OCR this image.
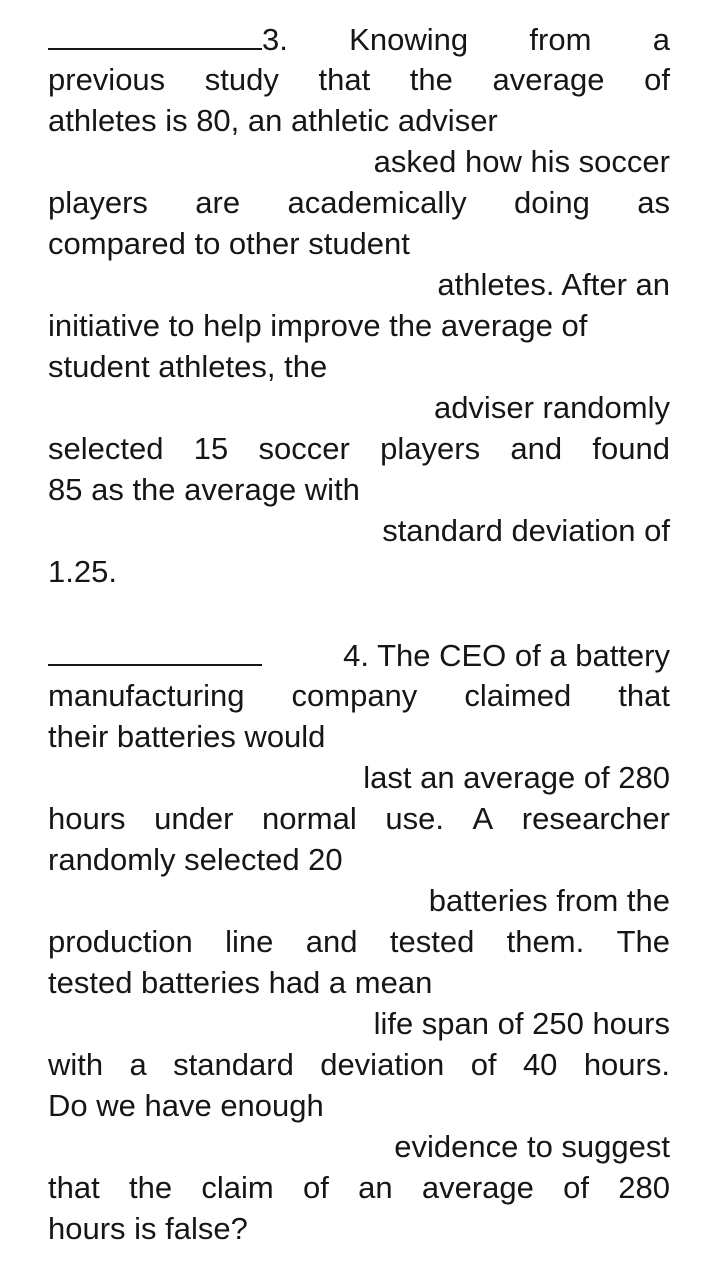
3. Knowing from a
previous study that the average of
athletes is 80, an athletic adviser
asked how his soccer
players are academically doing as
compared to other student
athletes. After an
initiative to help improve the average of
student athletes, the
adviser randomly
selected 15 soccer players and found
85 as the average with
standard deviation of
1.25.
4. The CEO of a battery
manufacturing company claimed that
their batteries would
last an average of 280
hours under normal use. A researcher
randomly selected 20
batteries from the
production line and tested them. The
tested batteries had a mean
life span of 250 hours
with a standard deviation of 40 hours.
Do we have enough
evidence to suggest
that the claim of an average of 280
hours is false?
